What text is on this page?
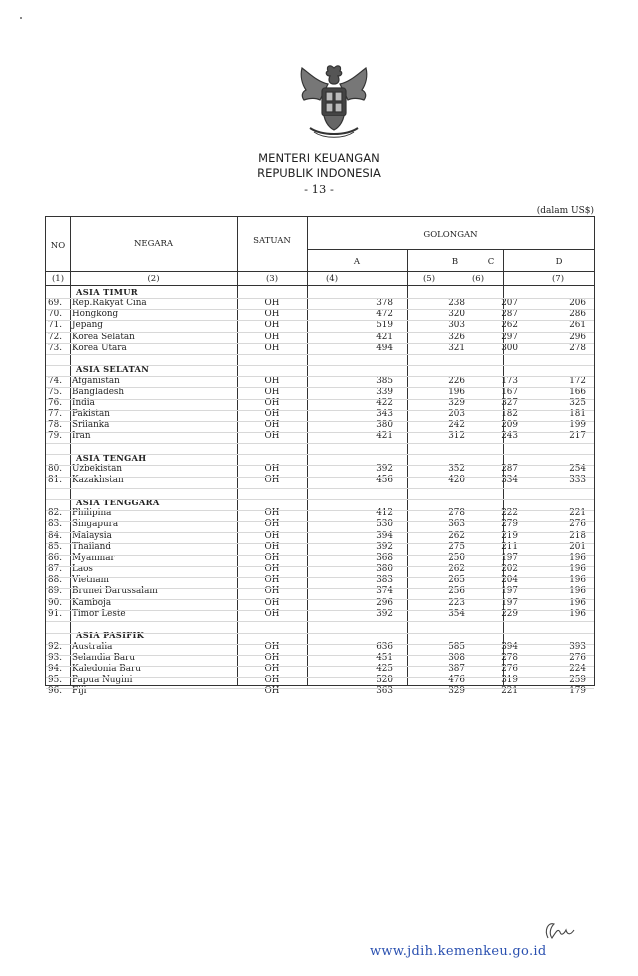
MENTERI KEUANGAN
REPUBLIK INDONESIA
- 13 -
(dalam US$)
NO	NEGARA	SATUAN
GOLONGAN
A	B	C	D
(1)	(2)	(3)	(4)	(5)	(6)	(7)
ASIA TIMUR
69. Rep.Rakyat Cina	OH	378	238	207	206
70. Hongkong	OH	472	320	287	286
71. Jepang	OH	519	303	262	261
72. Korea Selatan	OH	421	326	297	296
73. Korea Utara	OH	494	321	300	278
ASIA SELATAN
74. Afganistan	OH	385	226	173	172
75. Bangladesh	OH	339	196	167	166
76. India	OH	422	329	327	325
77. Pakistan	OH	343	203	182	181
78. Srilanka	OH	380	242	209	199
79. Iran	OH	421	312	243	217
ASIA TENGAH
80. Uzbekistan	OH	392	352	287	254
81. Kazakhstan	OH	456	420	334	333
ASIA TENGGARA
82. Philipina	OH	412	278	222	221
83. Singapura	OH	530	363	279	276
84. Malaysia	OH	394	262	219	218
85. Thailand	OH	392	275	211	201
86. Myanmar	OH	368	250	197	196
87. Laos	OH	380	262	202	196
88. Vietnam	OH	383	265	204	196
89. Brunei Darussalam	OH	374	256	197	196
90. Kamboja	OH	296	223	197	196
91. Timor Leste	OH	392	354	229	196
ASIA PASIFIK
92. Australia	OH	636	585	394	393
93. Selandia Baru	OH	451	308	278	276
94. Kaledonia Baru	OH	425	387	276	224
95. Papua Nugini	OH	520	476	319	259
96. Fiji	OH	363	329	221	179
www.jdih.kemenkeu.go.id
